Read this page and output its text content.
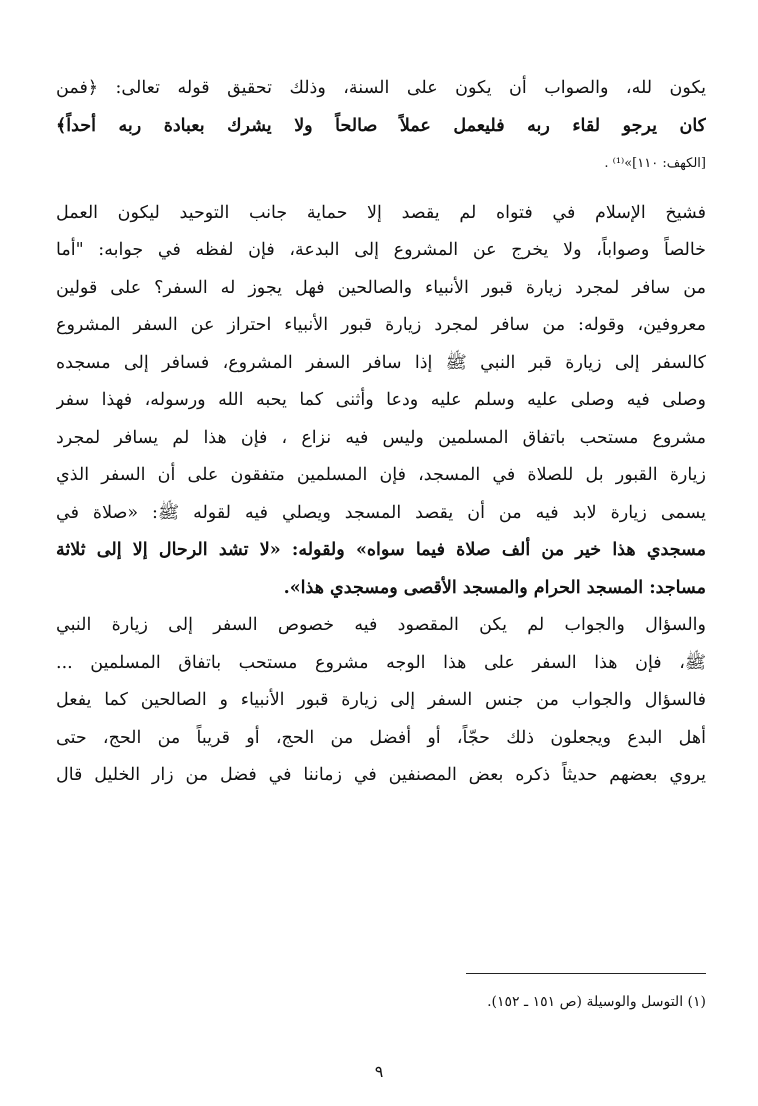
يكون لله، والصواب أن يكون على السنة، وذلك تحقيق قوله تعالى: ﴿فمن
كان يرجو لقاء ربه فليعمل عملاً صالحاً ولا يشرك بعبادة ربه أحداً﴾
[الكهف: ١١٠]»⁽¹⁾ .
فشيخ الإسلام في فتواه لم يقصد إلا حماية جانب التوحيد ليكون العمل
خالصاً وصواباً، ولا يخرج عن المشروع إلى البدعة، فإن لفظه في جوابه: "أما
من سافر لمجرد زيارة قبور الأنبياء والصالحين فهل يجوز له السفر؟ على قولين
معروفين، وقوله: من سافر لمجرد زيارة قبور الأنبياء احتراز عن السفر المشروع
كالسفر إلى زيارة قبر النبي ﷺ إذا سافر السفر المشروع، فسافر إلى مسجده
وصلى فيه وصلى عليه وسلم عليه ودعا وأثنى كما يحبه الله ورسوله، فهذا سفر
مشروع مستحب باتفاق المسلمين وليس فيه نزاع ، فإن هذا لم يسافر لمجرد
زيارة القبور بل للصلاة في المسجد، فإن المسلمين متفقون على أن السفر الذي
يسمى زيارة لابد فيه من أن يقصد المسجد ويصلي فيه لقوله ﷺ: «صلاة في
مسجدي هذا خير من ألف صلاة فيما سواه» ولقوله: «لا تشد الرحال إلا إلى ثلاثة
مساجد: المسجد الحرام والمسجد الأقصى ومسجدي هذا».
والسؤال والجواب لم يكن المقصود فيه خصوص السفر إلى زيارة النبي
ﷺ، فإن هذا السفر على هذا الوجه مشروع مستحب باتفاق المسلمين ...
فالسؤال والجواب من جنس السفر إلى زيارة قبور الأنبياء و الصالحين كما يفعل
أهل البدع ويجعلون ذلك حجّاً، أو أفضل من الحج، أو قريباً من الحج، حتى
يروي بعضهم حديثاً ذكره بعض المصنفين في زماننا في فضل من زار الخليل قال
(١) التوسل والوسيلة (ص ١٥١ ـ ١٥٢).
٩
